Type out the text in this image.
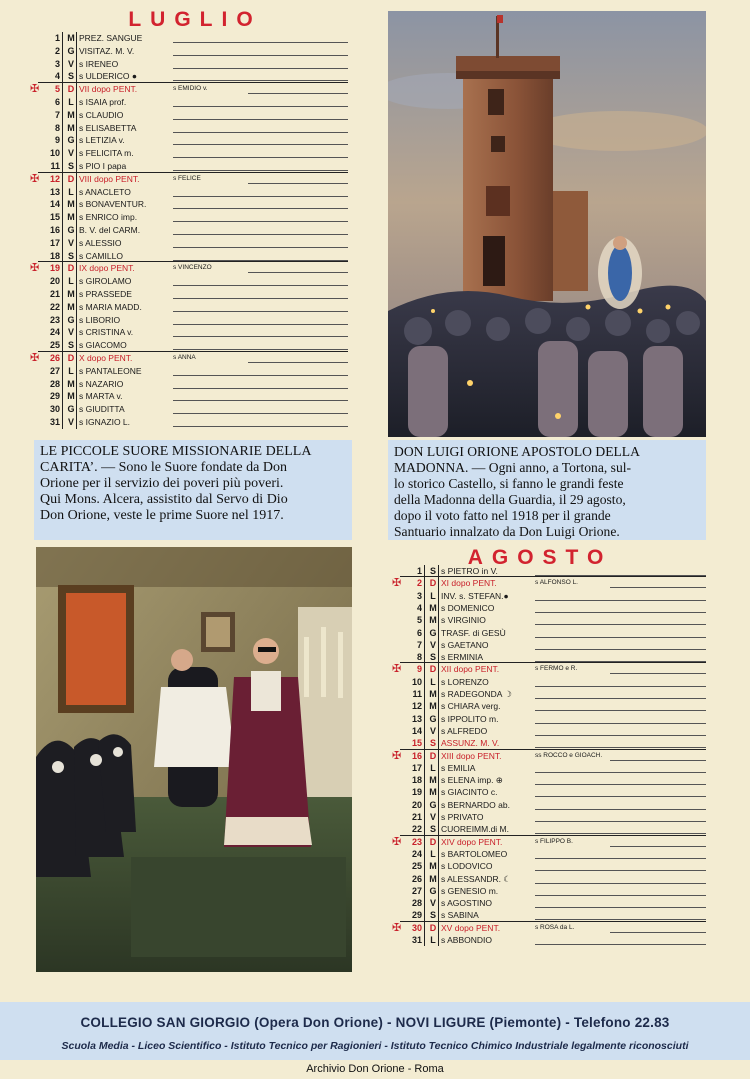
LUGLIO
1 M PREZ. SANGUE
2 G VISITAZ. M. V.
3 V s IRENEO
4 S s ULDERICO ●
✠	5 D VII dopo PENT.	s EMIDIO v.
6 L s ISAIA prof.
7 M s CLAUDIO
8 M s ELISABETTA
9 G s LETIZIA v.
10 V s FELICITA m.
11 S s PIO I papa
✠	12 D VIII dopo PENT.	s FELICE
13 L s ANACLETO
14 M s BONAVENTUR.
15 M s ENRICO imp.
16 G B. V. del CARM.
17 V s ALESSIO
18 S s CAMILLO
✠	19 D IX dopo PENT.	s VINCENZO
20 L s GIROLAMO
21 M s PRASSEDE
22 M s MARIA MADD.
23 G s LIBORIO
24 V s CRISTINA v.
25 S s GIACOMO
✠	26 D X dopo PENT.	s ANNA
27 L s PANTALEONE
28 M s NAZARIO
29 M s MARTA v.
30 G s GIUDITTA
31 V s IGNAZIO L.
AGOSTO
1 S s PIETRO in V.
✠	2 D XI dopo PENT.	s ALFONSO L.
3 L INV. s. STEFAN.●
4 M s DOMENICO
5 M s VIRGINIO
6 G TRASF. di GESÙ
7 V s GAETANO
8 S s ERMINIA
✠	9 D XII dopo PENT.	s FERMO e R.
10 L s LORENZO
11 M s RADEGONDA ☽
12 M s CHIARA verg.
13 G s IPPOLITO m.
14 V s ALFREDO
15 S ASSUNZ. M. V.
✠	16 D XIII dopo PENT.	ss ROCCO e GIOACH.
17 L s EMILIA
18 M s ELENA imp. ⊕
19 M s GIACINTO c.
20 G s BERNARDO ab.
21 V s PRIVATO
22 S CUOREIMM.di M.
✠	23 D XIV dopo PENT.	s FILIPPO B.
24 L s BARTOLOMEO
25 M s LODOVICO
26 M s ALESSANDR. ☾
27 G s GENESIO m.
28 V s AGOSTINO
29 S s SABINA
✠	30 D XV dopo PENT.	s ROSA da L.
31 L s ABBONDIO
DON LUIGI ORIONE APOSTOLO DELLA
MADONNA. — Ogni anno, a Tortona, sul-
lo storico Castello, si fanno le grandi feste
della Madonna della Guardia, il 29 agosto,
dopo il voto fatto nel 1918 per il grande
Santuario innalzato da Don Luigi Orione.
LE PICCOLE SUORE MISSIONARIE DELLA
CARITA’. — Sono le Suore fondate da Don
Orione per il servizio dei poveri più poveri.
Qui Mons. Alcera, assistito dal Servo di Dio
Don Orione, veste le prime Suore nel 1917.
COLLEGIO SAN GIORGIO (Opera Don Orione) - NOVI LIGURE (Piemonte) - Telefono 22.83
Scuola Media - Liceo Scientifico - Istituto Tecnico per Ragionieri - Istituto Tecnico Chimico Industriale legalmente riconosciuti
Archivio Don Orione - Roma
